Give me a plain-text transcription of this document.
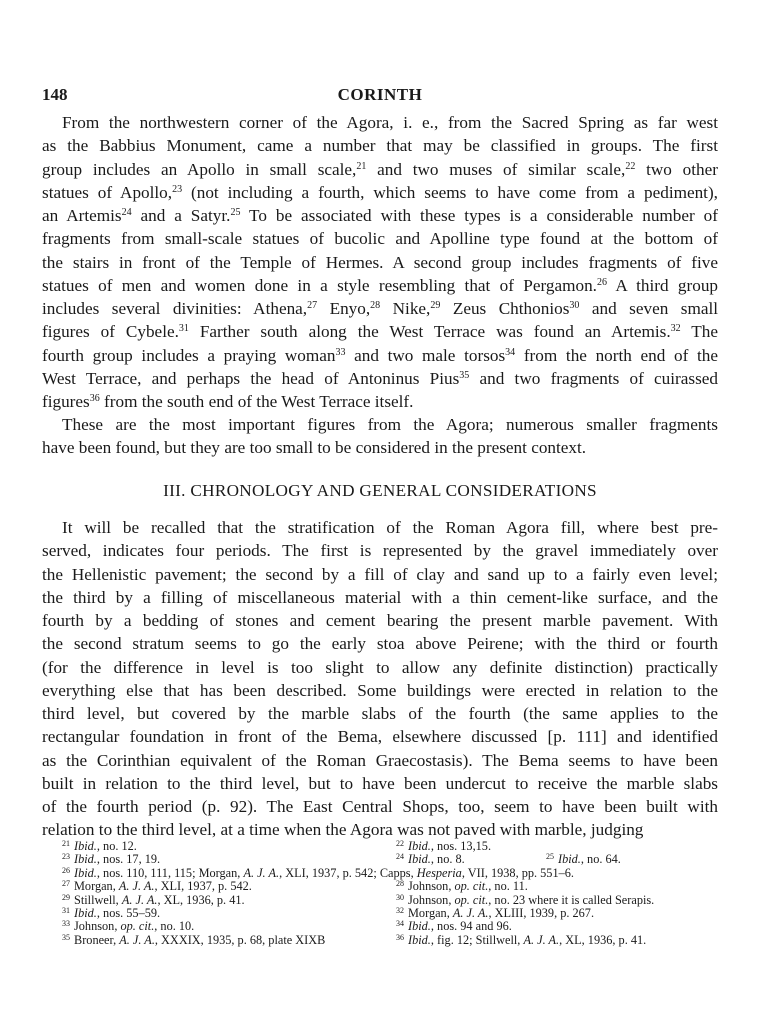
148	CORINTH
From the northwestern corner of the Agora, i. e., from the Sacred Spring as far west
as the Babbius Monument, came a number that may be classified in groups. The first
group includes an Apollo in small scale,$^{21}$ and two muses of similar scale,$^{22}$ two other
statues of Apollo,$^{23}$ (not including a fourth, which seems to have come from a pediment),
an Artemis$^{24}$ and a Satyr.$^{25}$ To be associated with these types is a considerable number of
fragments from small-scale statues of bucolic and Apolline type found at the bottom of
the stairs in front of the Temple of Hermes. A second group includes fragments of five
statues of men and women done in a style resembling that of Pergamon.$^{26}$ A third group
includes several divinities: Athena,$^{27}$ Enyo,$^{28}$ Nike,$^{29}$ Zeus Chthonios$^{30}$ and seven small
figures of Cybele.$^{31}$ Farther south along the West Terrace was found an Artemis.$^{32}$ The
fourth group includes a praying woman$^{33}$ and two male torsos$^{34}$ from the north end of the
West Terrace, and perhaps the head of Antoninus Pius$^{35}$ and two fragments of cuirassed
figures$^{36}$ from the south end of the West Terrace itself.
These are the most important figures from the Agora; numerous smaller fragments
have been found, but they are too small to be considered in the present context.
III. CHRONOLOGY AND GENERAL CONSIDERATIONS
It will be recalled that the stratification of the Roman Agora fill, where best pre-
served, indicates four periods. The first is represented by the gravel immediately over
the Hellenistic pavement; the second by a fill of clay and sand up to a fairly even level;
the third by a filling of miscellaneous material with a thin cement-like surface, and the
fourth by a bedding of stones and cement bearing the present marble pavement. With
the second stratum seems to go the early stoa above Peirene; with the third or fourth
(for the difference in level is too slight to allow any definite distinction) practically
everything else that has been described. Some buildings were erected in relation to the
third level, but covered by the marble slabs of the fourth (the same applies to the
rectangular foundation in front of the Bema, elsewhere discussed [p. 111] and identified
as the Corinthian equivalent of the Roman Graecostasis). The Bema seems to have been
built in relation to the third level, but to have been undercut to receive the marble slabs
of the fourth period (p. 92). The East Central Shops, too, seem to have been built with
relation to the third level, at a time when the Agora was not paved with marble, judging
$^{21}$ Ibid., no. 12.	$^{22}$ Ibid., nos. 13,15.
$^{23}$ Ibid., nos. 17, 19.	$^{24}$ Ibid., no. 8.	$^{25}$ Ibid., no. 64.
$^{26}$ Ibid., nos. 110, 111, 115; Morgan, A. J. A., XLI, 1937, p. 542; Capps, Hesperia, VII, 1938, pp. 551–6.
$^{27}$ Morgan, A. J. A., XLI, 1937, p. 542.	$^{28}$ Johnson, op. cit., no. 11.
$^{29}$ Stillwell, A. J. A., XL, 1936, p. 41.	$^{30}$ Johnson, op. cit., no. 23 where it is called Serapis.
$^{31}$ Ibid., nos. 55–59.	$^{32}$ Morgan, A. J. A., XLIII, 1939, p. 267.
$^{33}$ Johnson, op. cit., no. 10.	$^{34}$ Ibid., nos. 94 and 96.
$^{35}$ Broneer, A. J. A., XXXIX, 1935, p. 68, plate XIXB	$^{36}$ Ibid., fig. 12; Stillwell, A. J. A., XL, 1936, p. 41.
